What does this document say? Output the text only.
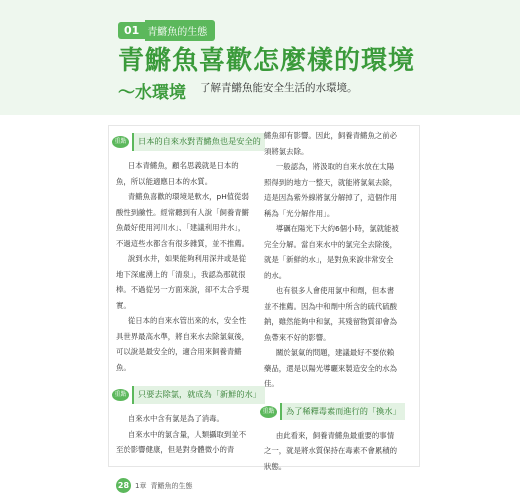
01 青鱂魚的生態
青鱂魚喜歡怎麼樣的環境
～水環境 了解青鱂魚能安全生活的水環境。
重點	日本的自來水對青鱂魚也是安全的

日本青鱂魚，顧名思義就是日本的魚，所以能適應日本的水質。

青鱂魚喜歡的環境是軟水，pH值從弱酸性到鹼性。經常聽到有人說「飼養青鱂魚最好使用河川水」、「建議利用井水」，不過這些水都含有很多雜質，並不推薦。

說到水井，如果能夠利用深井或是從地下深處湧上的「清泉」，我認為那就很棒。不過從另一方面來說，卻不太合乎現實。

從日本的自來水管出來的水，安全性具世界最高水準，將自來水去除氯氣後，可以說是最安全的，適合用來飼養青鱂魚。

重點	只要去除氯，就成為「新鮮的水」

自來水中含有氯是為了消毒。

自來水中的氯含量，人類攝取到並不至於影響健康，但是對身體微小的青

鱂魚卻有影響。因此，飼養青鱂魚之前必須將氯去除。

一般認為，將汲取的自來水放在太陽照得到的地方一整天，就能將氯氣去除，這是因為紫外線將氯分解掉了，這個作用稱為「光分解作用」。

導礪在陽光下大約6個小時，氯就能被完全分解。當自來水中的氯完全去除後，就是「新鮮的水」，是對魚來說非常安全的水。

也有很多人會使用氯中和劑，但本書並不推薦。因為中和劑中所含的硫代硫酸鈉，雖然能夠中和氯，其殘留物質卻會為魚帶來不好的影響。

關於氯氣的問題，建議最好不要依賴藥品，還是以陽光導曬來製造安全的水為佳。

重點	為了稀釋毒素而進行的「換水」

由此看來，飼養青鱂魚最重要的事情之一，就是將水質保持在毒素不會累積的狀態。

28 1章 青鱂魚的生態
